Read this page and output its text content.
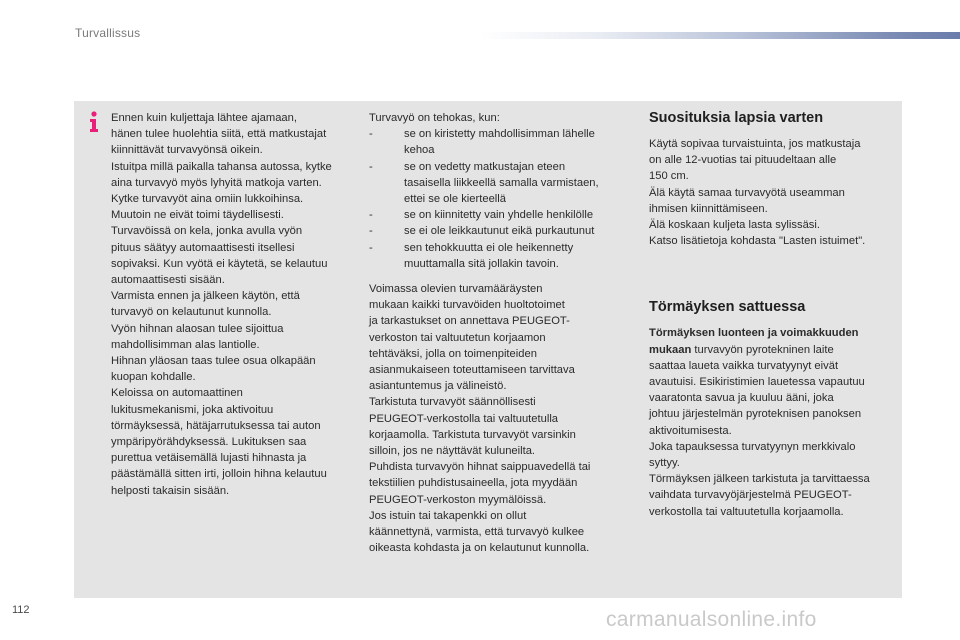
Turvallissus

Ennen kuin kuljettaja lähtee ajamaan,
hänen tulee huolehtia siitä, että matkustajat
kiinnittävät turvavyönsä oikein.
Istuitpa millä paikalla tahansa autossa, kytke
aina turvavyö myös lyhyitä matkoja varten.
Kytke turvavyöt aina omiin lukkoihinsa.
Muutoin ne eivät toimi täydellisesti.
Turvavöissä on kela, jonka avulla vyön
pituus säätyy automaattisesti itsellesi
sopivaksi. Kun vyötä ei käytetä, se kelautuu
automaattisesti sisään.
Varmista ennen ja jälkeen käytön, että
turvavyö on kelautunut kunnolla.
Vyön hihnan alaosan tulee sijoittua
mahdollisimman alas lantiolle.
Hihnan yläosan taas tulee osua olkapään
kuopan kohdalle.
Keloissa on automaattinen
lukitusmekanismi, joka aktivoituu
törmäyksessä, hätäjarrutuksessa tai auton
ympäripyörähdyksessä. Lukituksen saa
purettua vetäisemällä lujasti hihnasta ja
päästämällä sitten irti, jolloin hihna kelautuu
helposti takaisin sisään.

Turvavyö on tehokas, kun:

-	se on kiristetty mahdollisimman lähelle
kehoa

-	se on vedetty matkustajan eteen
tasaisella liikkeellä samalla varmistaen,
ettei se ole kierteellä

-	se on kiinnitetty vain yhdelle henkilölle

-	se ei ole leikkautunut eikä purkautunut

-	sen tehokkuutta ei ole heikennetty
muuttamalla sitä jollakin tavoin.

Voimassa olevien turvamääräysten
mukaan kaikki turvavöiden huoltotoimet
ja tarkastukset on annettava PEUGEOT-
verkoston tai valtuutetun korjaamon
tehtäväksi, jolla on toimenpiteiden
asianmukaiseen toteuttamiseen tarvittava
asiantuntemus ja välineistö.
Tarkistuta turvavyöt säännöllisesti
PEUGEOT-verkostolla tai valtuutetulla
korjaamolla. Tarkistuta turvavyöt varsinkin
silloin, jos ne näyttävät kuluneilta.
Puhdista turvavyön hihnat saippuavedellä tai
tekstiilien puhdistusaineella, jota myydään
PEUGEOT-verkoston myymälöissä.
Jos istuin tai takapenkki on ollut
käännettynä, varmista, että turvavyö kulkee
oikeasta kohdasta ja on kelautunut kunnolla.

Suosituksia lapsia varten

Käytä sopivaa turvaistuinta, jos matkustaja
on alle 12-vuotias tai pituudeltaan alle
150 cm.
Älä käytä samaa turvavyötä useamman
ihmisen kiinnittämiseen.
Älä koskaan kuljeta lasta sylissäsi.
Katso lisätietoja kohdasta "Lasten istuimet".

Törmäyksen sattuessa

Törmäyksen luonteen ja voimakkuuden
mukaan turvavyön pyrotekninen laite
saattaa laueta vaikka turvatyynyt eivät
avautuisi. Esikiristimien lauetessa vapautuu
vaaratonta savua ja kuuluu ääni, joka
johtuu järjestelmän pyroteknisen panoksen
aktivoitumisesta.
Joka tapauksessa turvatyynyn merkkivalo
syttyy.
Törmäyksen jälkeen tarkistuta ja tarvittaessa
vaihdata turvavyöjärjestelmä PEUGEOT-
verkostolla tai valtuutetulla korjaamolla.

112	carmanualsonline.info
